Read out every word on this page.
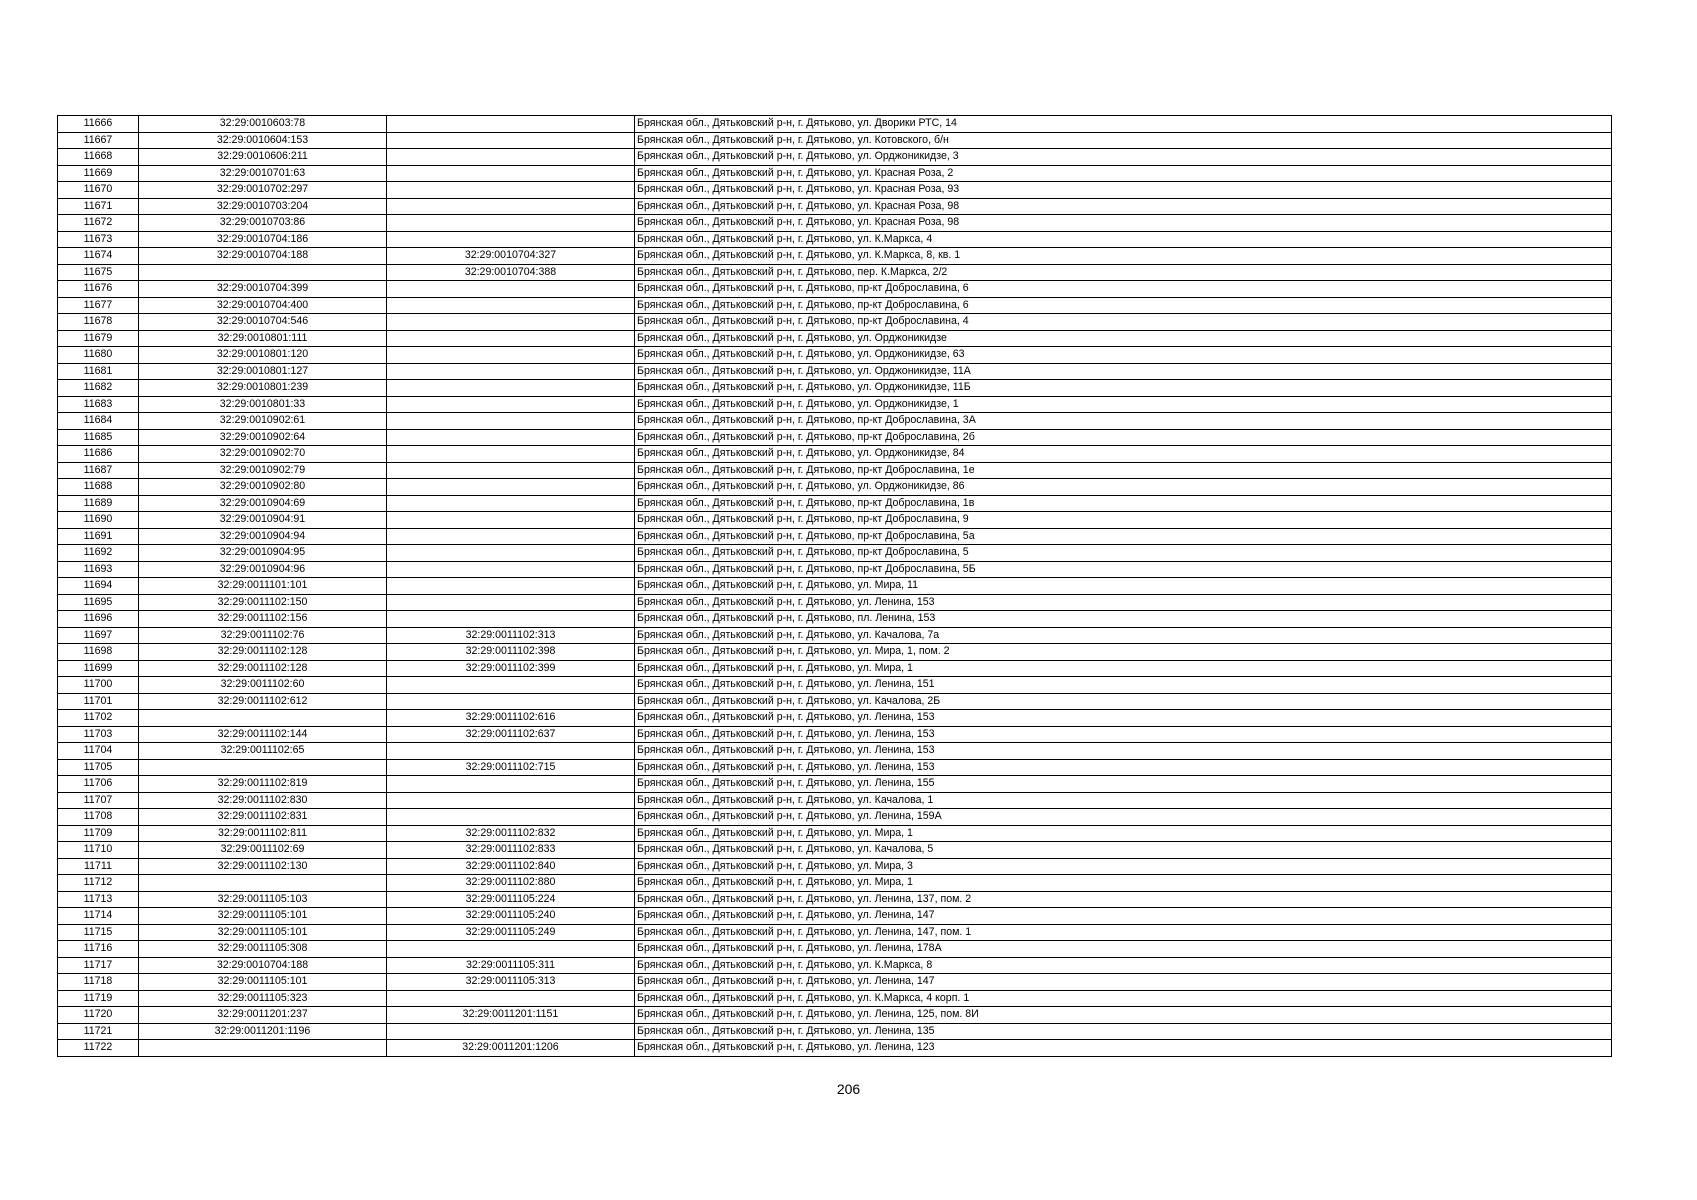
11666	32:29:0010603:78		Брянская обл., Дятьковский р-н, г. Дятьково, ул. Дворики РТС, 14
11667	32:29:0010604:153		Брянская обл., Дятьковский р-н, г. Дятьково, ул. Котовского, б/н
11668	32:29:0010606:211		Брянская обл., Дятьковский р-н, г. Дятьково, ул. Орджоникидзе, 3
11669	32:29:0010701:63		Брянская обл., Дятьковский р-н, г. Дятьково, ул. Красная Роза, 2
11670	32:29:0010702:297		Брянская обл., Дятьковский р-н, г. Дятьково, ул. Красная Роза, 93
11671	32:29:0010703:204		Брянская обл., Дятьковский р-н, г. Дятьково, ул. Красная Роза, 98
11672	32:29:0010703:86		Брянская обл., Дятьковский р-н, г. Дятьково, ул. Красная Роза, 98
11673	32:29:0010704:186		Брянская обл., Дятьковский р-н, г. Дятьково, ул. К.Маркса, 4
11674	32:29:0010704:188	32:29:0010704:327	Брянская обл., Дятьковский р-н, г. Дятьково, ул. К.Маркса, 8, кв. 1
11675		32:29:0010704:388	Брянская обл., Дятьковский р-н, г. Дятьково, пер. К.Маркса, 2/2
11676	32:29:0010704:399		Брянская обл., Дятьковский р-н, г. Дятьково, пр-кт Доброславина, 6
11677	32:29:0010704:400		Брянская обл., Дятьковский р-н, г. Дятьково, пр-кт Доброславина, 6
11678	32:29:0010704:546		Брянская обл., Дятьковский р-н, г. Дятьково, пр-кт Доброславина, 4
11679	32:29:0010801:111		Брянская обл., Дятьковский р-н, г. Дятьково, ул. Орджоникидзе
11680	32:29:0010801:120		Брянская обл., Дятьковский р-н, г. Дятьково, ул. Орджоникидзе, 63
11681	32:29:0010801:127		Брянская обл., Дятьковский р-н, г. Дятьково, ул. Орджоникидзе, 11А
11682	32:29:0010801:239		Брянская обл., Дятьковский р-н, г. Дятьково, ул. Орджоникидзе, 11Б
11683	32:29:0010801:33		Брянская обл., Дятьковский р-н, г. Дятьково, ул. Орджоникидзе, 1
11684	32:29:0010902:61		Брянская обл., Дятьковский р-н, г. Дятьково, пр-кт Доброславина, 3А
11685	32:29:0010902:64		Брянская обл., Дятьковский р-н, г. Дятьково, пр-кт Доброславина, 2б
11686	32:29:0010902:70		Брянская обл., Дятьковский р-н, г. Дятьково, ул. Орджоникидзе, 84
11687	32:29:0010902:79		Брянская обл., Дятьковский р-н, г. Дятьково, пр-кт Доброславина, 1е
11688	32:29:0010902:80		Брянская обл., Дятьковский р-н, г. Дятьково, ул. Орджоникидзе, 86
11689	32:29:0010904:69		Брянская обл., Дятьковский р-н, г. Дятьково, пр-кт Доброславина, 1в
11690	32:29:0010904:91		Брянская обл., Дятьковский р-н, г. Дятьково, пр-кт Доброславина, 9
11691	32:29:0010904:94		Брянская обл., Дятьковский р-н, г. Дятьково, пр-кт Доброславина, 5а
11692	32:29:0010904:95		Брянская обл., Дятьковский р-н, г. Дятьково, пр-кт Доброславина, 5
11693	32:29:0010904:96		Брянская обл., Дятьковский р-н, г. Дятьково, пр-кт Доброславина, 5Б
11694	32:29:0011101:101		Брянская обл., Дятьковский р-н, г. Дятьково, ул. Мира, 11
11695	32:29:0011102:150		Брянская обл., Дятьковский р-н, г. Дятьково, ул. Ленина, 153
11696	32:29:0011102:156		Брянская обл., Дятьковский р-н, г. Дятьково, пл. Ленина, 153
11697	32:29:0011102:76	32:29:0011102:313	Брянская обл., Дятьковский р-н, г. Дятьково, ул. Качалова, 7а
11698	32:29:0011102:128	32:29:0011102:398	Брянская обл., Дятьковский р-н, г. Дятьково, ул. Мира, 1, пом. 2
11699	32:29:0011102:128	32:29:0011102:399	Брянская обл., Дятьковский р-н, г. Дятьково, ул. Мира, 1
11700	32:29:0011102:60		Брянская обл., Дятьковский р-н, г. Дятьково, ул. Ленина, 151
11701	32:29:0011102:612		Брянская обл., Дятьковский р-н, г. Дятьково, ул. Качалова, 2Б
11702		32:29:0011102:616	Брянская обл., Дятьковский р-н, г. Дятьково, ул. Ленина, 153
11703	32:29:0011102:144	32:29:0011102:637	Брянская обл., Дятьковский р-н, г. Дятьково, ул. Ленина, 153
11704	32:29:0011102:65		Брянская обл., Дятьковский р-н, г. Дятьково, ул. Ленина, 153
11705		32:29:0011102:715	Брянская обл., Дятьковский р-н, г. Дятьково, ул. Ленина, 153
11706	32:29:0011102:819		Брянская обл., Дятьковский р-н, г. Дятьково, ул. Ленина, 155
11707	32:29:0011102:830		Брянская обл., Дятьковский р-н, г. Дятьково, ул. Качалова, 1
11708	32:29:0011102:831		Брянская обл., Дятьковский р-н, г. Дятьково, ул. Ленина, 159А
11709	32:29:0011102:811	32:29:0011102:832	Брянская обл., Дятьковский р-н, г. Дятьково, ул. Мира, 1
11710	32:29:0011102:69	32:29:0011102:833	Брянская обл., Дятьковский р-н, г. Дятьково, ул. Качалова, 5
11711	32:29:0011102:130	32:29:0011102:840	Брянская обл., Дятьковский р-н, г. Дятьково, ул. Мира, 3
11712		32:29:0011102:880	Брянская обл., Дятьковский р-н, г. Дятьково, ул. Мира, 1
11713	32:29:0011105:103	32:29:0011105:224	Брянская обл., Дятьковский р-н, г. Дятьково, ул. Ленина, 137, пом. 2
11714	32:29:0011105:101	32:29:0011105:240	Брянская обл., Дятьковский р-н, г. Дятьково, ул. Ленина, 147
11715	32:29:0011105:101	32:29:0011105:249	Брянская обл., Дятьковский р-н, г. Дятьково, ул. Ленина, 147, пом. 1
11716	32:29:0011105:308		Брянская обл., Дятьковский р-н, г. Дятьково, ул. Ленина, 178А
11717	32:29:0010704:188	32:29:0011105:311	Брянская обл., Дятьковский р-н, г. Дятьково, ул. К.Маркса, 8
11718	32:29:0011105:101	32:29:0011105:313	Брянская обл., Дятьковский р-н, г. Дятьково, ул. Ленина, 147
11719	32:29:0011105:323		Брянская обл., Дятьковский р-н, г. Дятьково, ул. К.Маркса, 4 корп. 1
11720	32:29:0011201:237	32:29:0011201:1151	Брянская обл., Дятьковский р-н, г. Дятьково, ул. Ленина, 125, пом. 8И
11721	32:29:0011201:1196		Брянская обл., Дятьковский р-н, г. Дятьково, ул. Ленина, 135
11722		32:29:0011201:1206	Брянская обл., Дятьковский р-н, г. Дятьково, ул. Ленина, 123
206
